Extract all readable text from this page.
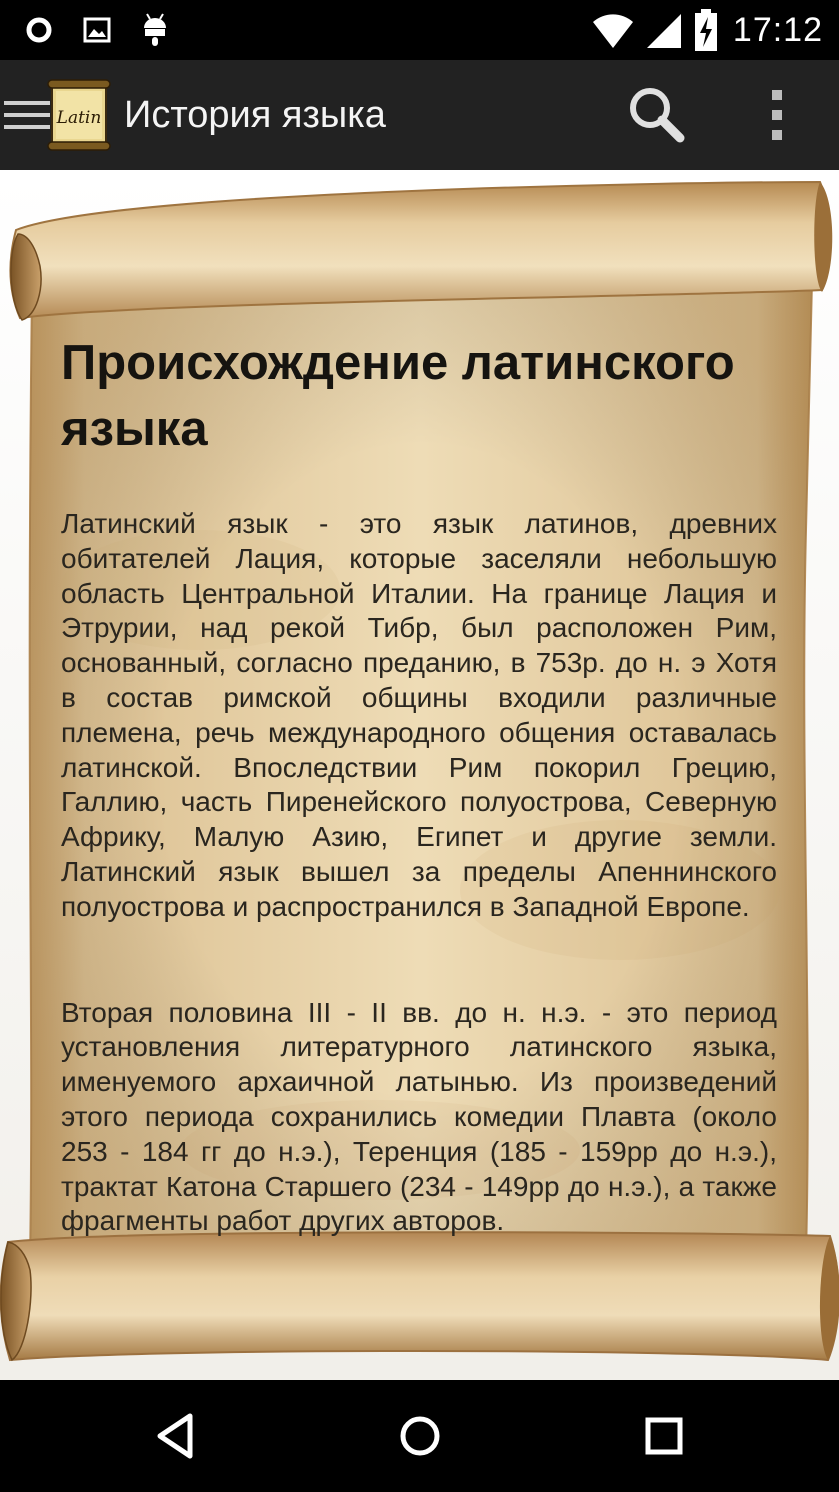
17:12
Latin История языка
Происхождение латинского языка

Латинский язык - это язык латинов, древних обитателей Лация, которые заселяли небольшую область Центральной Италии. На границе Лация и Этрурии, над рекой Тибр, был расположен Рим, основанный, согласно преданию, в 753р. до н. э Хотя в состав римской общины входили различные племена, речь международного общения оставалась латинской. Впоследствии Рим покорил Грецию, Галлию, часть Пиренейского полуострова, Северную Африку, Малую Азию, Египет и другие земли. Латинский язык вышел за пределы Апеннинского полуострова и распространился в Западной Европе.

Вторая половина III - II вв. до н. н.э. - это период установления литературного латинского языка, именуемого архаичной латынью. Из произведений этого периода сохранились комедии Плавта (около 253 - 184 гг до н.э.), Теренция (185 - 159рр до н.э.), трактат Катона Старшего (234 - 149рр до н.э.), а также фрагменты работ других авторов.
